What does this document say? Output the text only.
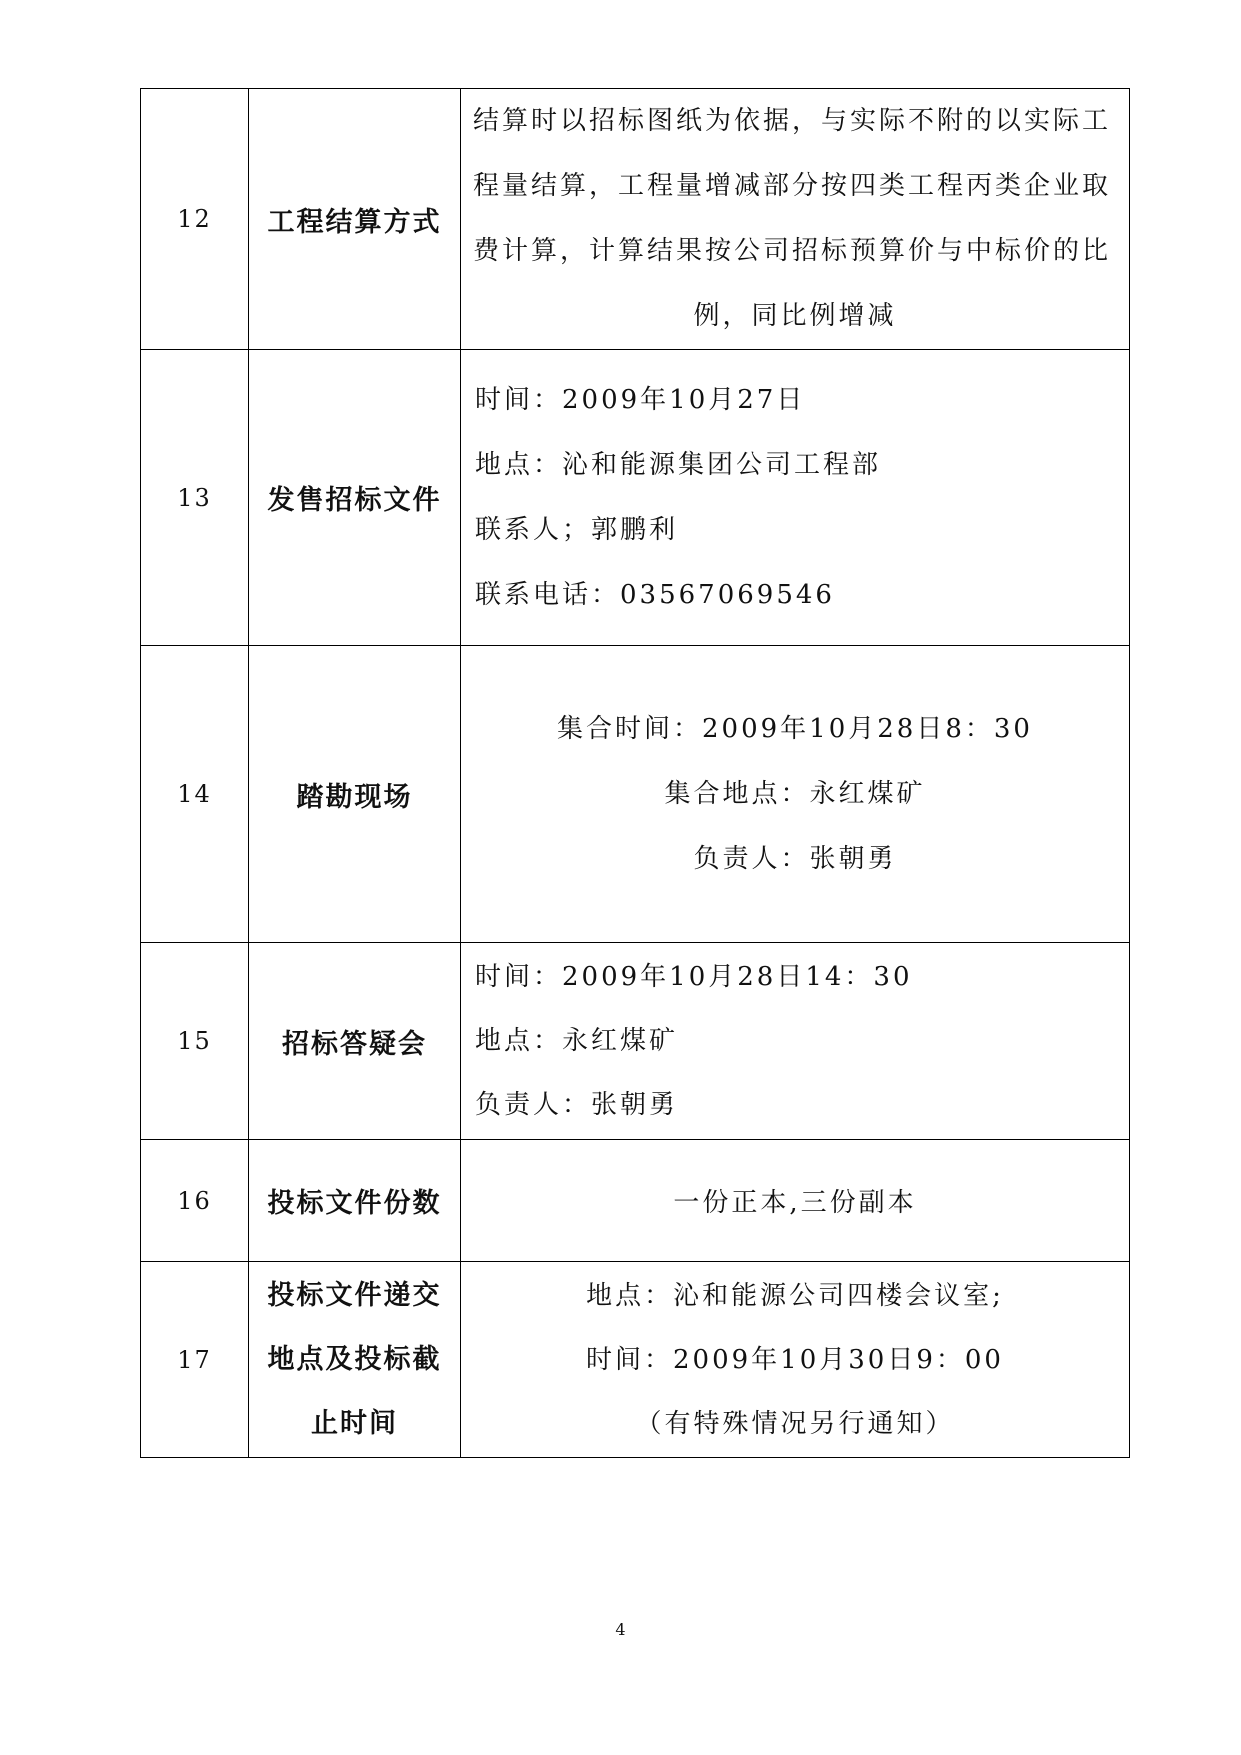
12	工程结算方式	结算时以招标图纸为依据，与实际不附的以实际工
程量结算，工程量增减部分按四类工程丙类企业取
费计算，计算结果按公司招标预算价与中标价的比
例，同比例增减

13	发售招标文件	时间：2009年10月27日
地点：沁和能源集团公司工程部
联系人；郭鹏利
联系电话：03567069546

14	踏勘现场	集合时间：2009年10月28日8：30
集合地点：永红煤矿
负责人：张朝勇

15	招标答疑会	时间：2009年10月28日14：30
地点：永红煤矿
负责人：张朝勇

16	投标文件份数	一份正本,三份副本

17	投标文件递交
地点及投标截
止时间	地点：沁和能源公司四楼会议室;
时间：2009年10月30日9：00
（有特殊情况另行通知）
4
